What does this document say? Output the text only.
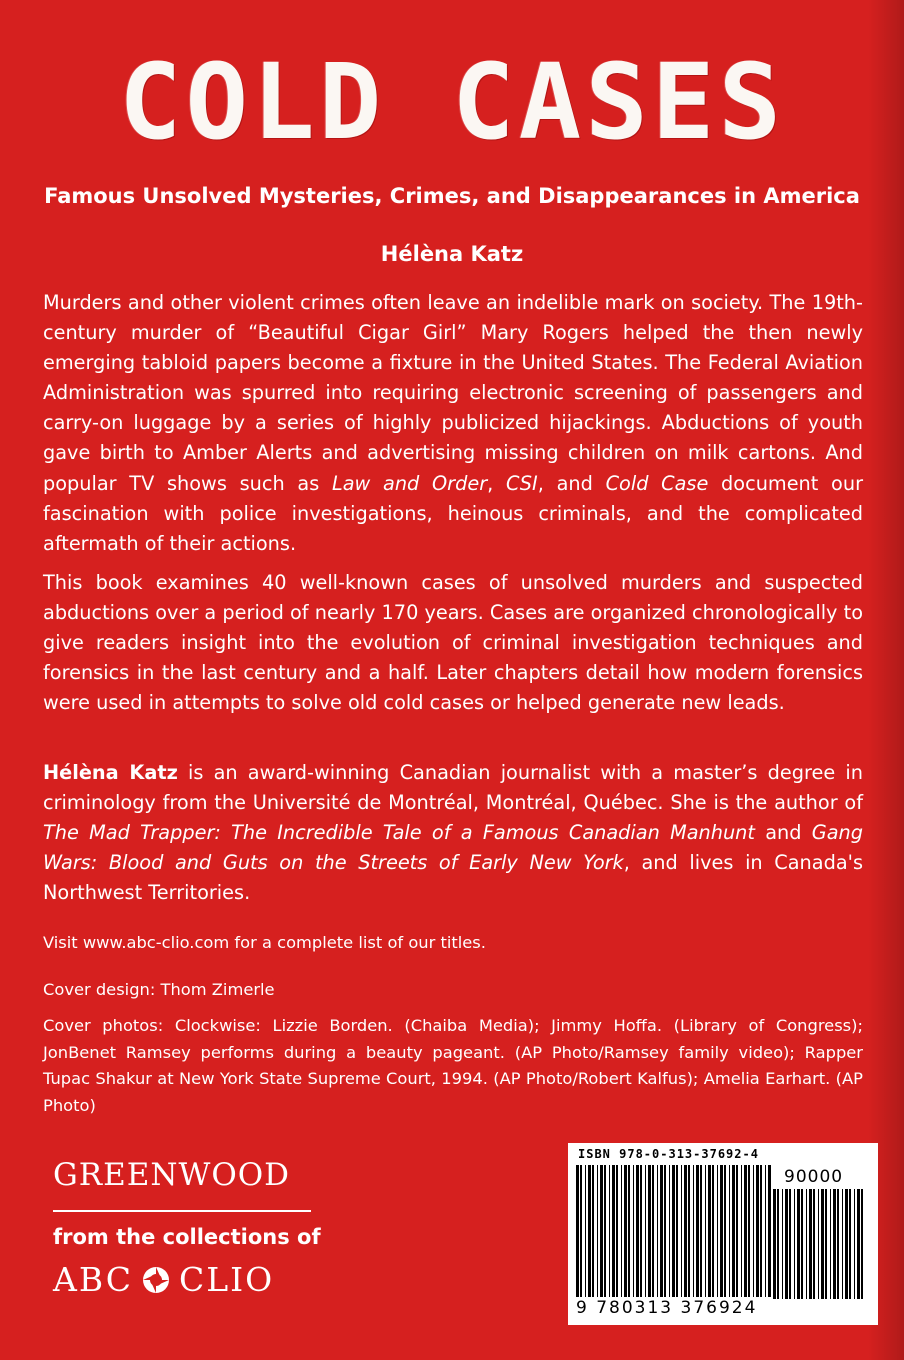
COLD CASES
Famous Unsolved Mysteries, Crimes, and Disappearances in America
Hélèna Katz

Murders and other violent crimes often leave an indelible mark on society. The 19th-century murder of “Beautiful Cigar Girl” Mary Rogers helped the then newly emerging tabloid papers become a fixture in the United States. The Federal Aviation Administration was spurred into requiring electronic screening of passengers and carry-on luggage by a series of highly publicized hijackings. Abductions of youth gave birth to Amber Alerts and advertising missing children on milk cartons. And popular TV shows such as Law and Order, CSI, and Cold Case document our fascination with police investigations, heinous criminals, and the complicated aftermath of their actions.

This book examines 40 well-known cases of unsolved murders and suspected abductions over a period of nearly 170 years. Cases are organized chronologically to give readers insight into the evolution of criminal investigation techniques and forensics in the last century and a half. Later chapters detail how modern forensics were used in attempts to solve old cold cases or helped generate new leads.

Hélèna Katz is an award-winning Canadian journalist with a master’s degree in criminology from the Université de Montréal, Montréal, Québec. She is the author of The Mad Trapper: The Incredible Tale of a Famous Canadian Manhunt and Gang Wars: Blood and Guts on the Streets of Early New York, and lives in Canada's Northwest Territories.

Visit www.abc-clio.com for a complete list of our titles.

Cover design: Thom Zimerle

Cover photos: Clockwise: Lizzie Borden. (Chaiba Media); Jimmy Hoffa. (Library of Congress); JonBenet Ramsey performs during a beauty pageant. (AP Photo/Ramsey family video); Rapper Tupac Shakur at New York State Supreme Court, 1994. (AP Photo/Robert Kalfus); Amelia Earhart. (AP Photo)

GREENWOOD
from the collections of
ABC CLIO
ISBN 978-0-313-37692-4
90000
9 780313 376924
